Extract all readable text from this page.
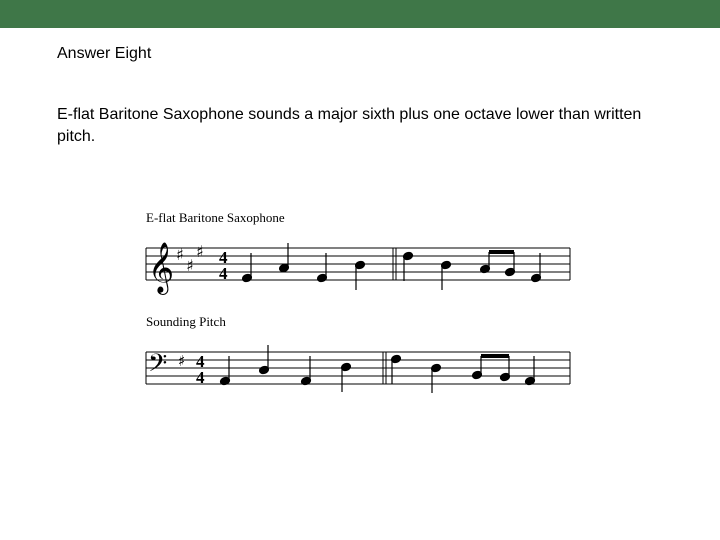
Answer Eight
E-flat Baritone Saxophone sounds a major sixth plus one octave lower than written pitch.
E-flat Baritone Saxophone
𝄞 ♯
♯
♯ 4
4
Sounding Pitch
𝄢 ♯ 4
4
